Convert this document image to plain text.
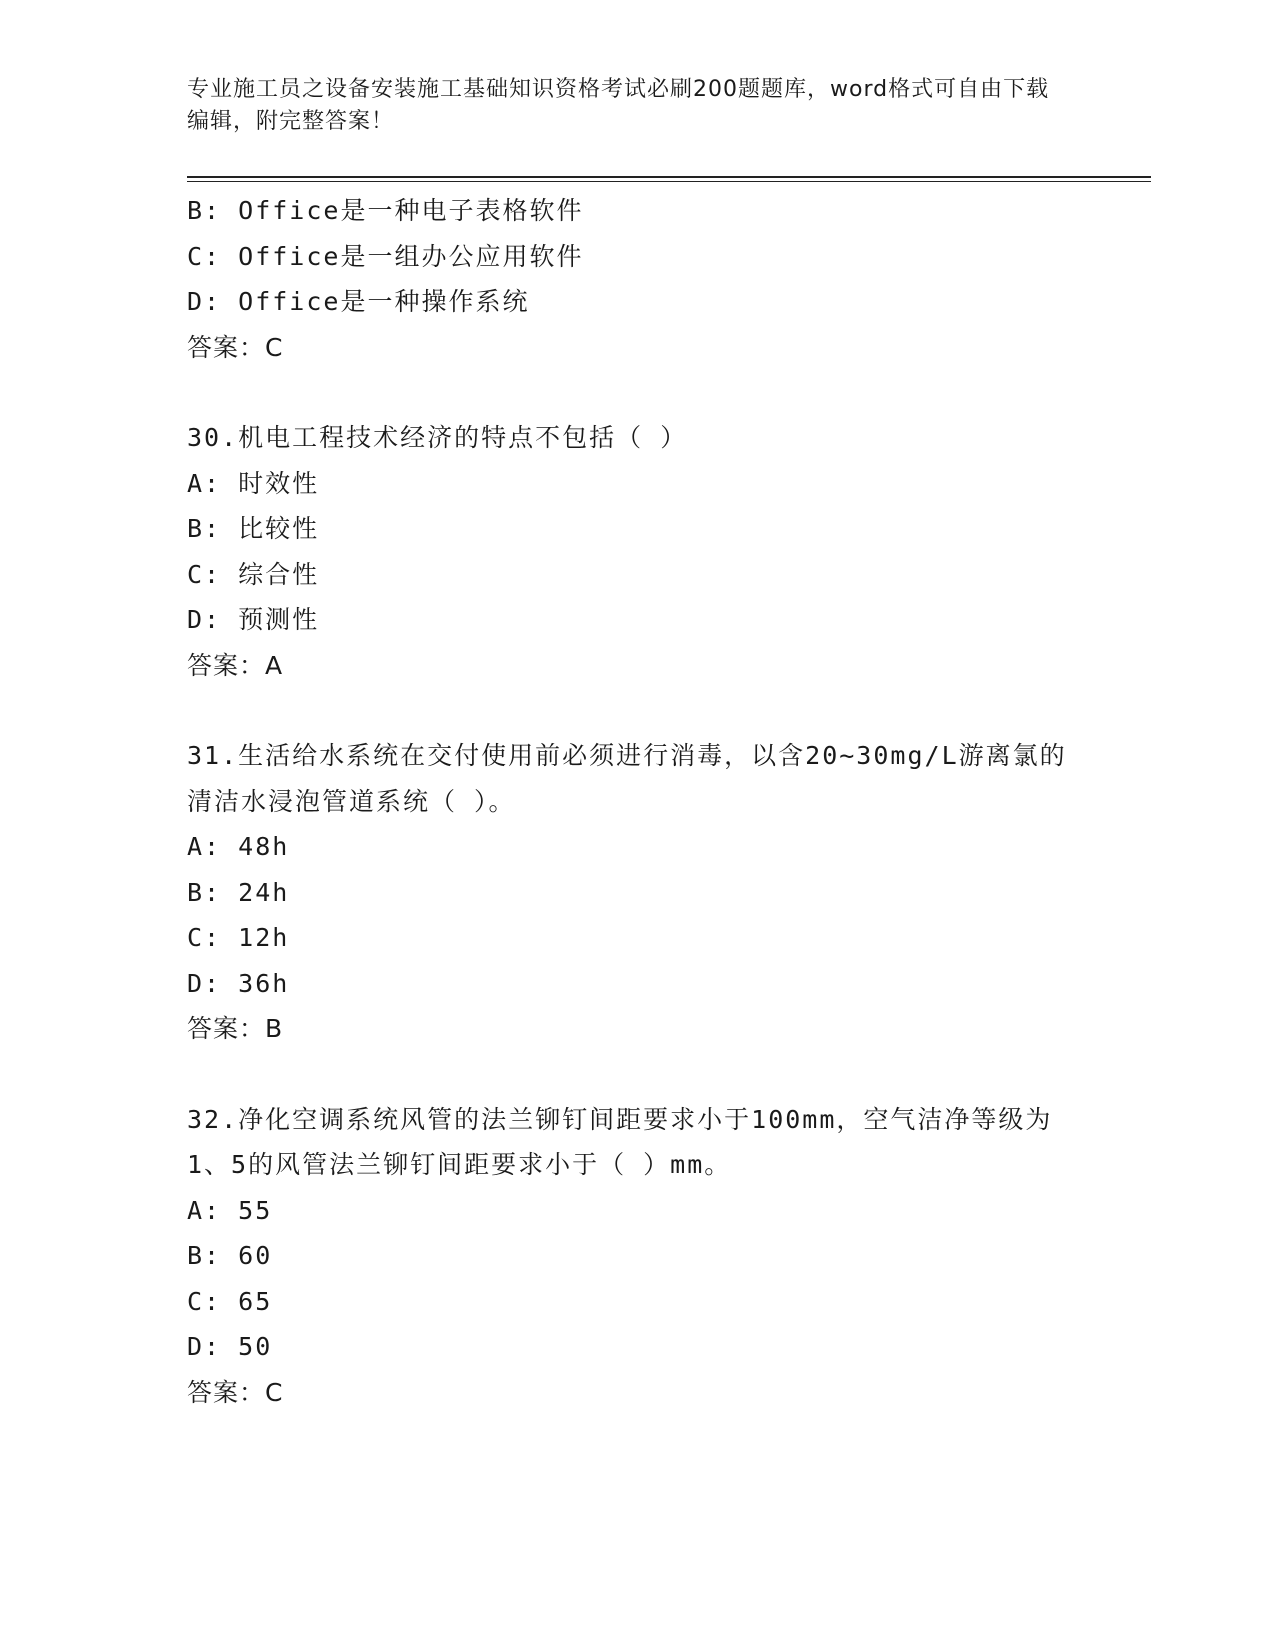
专业施工员之设备安装施工基础知识资格考试必刷200题题库，word格式可自由下载编辑，附完整答案！
B: Office是一种电子表格软件
C: Office是一组办公应用软件
D: Office是一种操作系统
答案：C
30.机电工程技术经济的特点不包括（ ）
A: 时效性
B: 比较性
C: 综合性
D: 预测性
答案：A
31.生活给水系统在交付使用前必须进行消毒，以含20~30mg/L游离氯的清洁水浸泡管道系统（ ）。
A: 48h
B: 24h
C: 12h
D: 36h
答案：B
32.净化空调系统风管的法兰铆钉间距要求小于100mm，空气洁净等级为1、5的风管法兰铆钉间距要求小于（ ）mm。
A: 55
B: 60
C: 65
D: 50
答案：C
